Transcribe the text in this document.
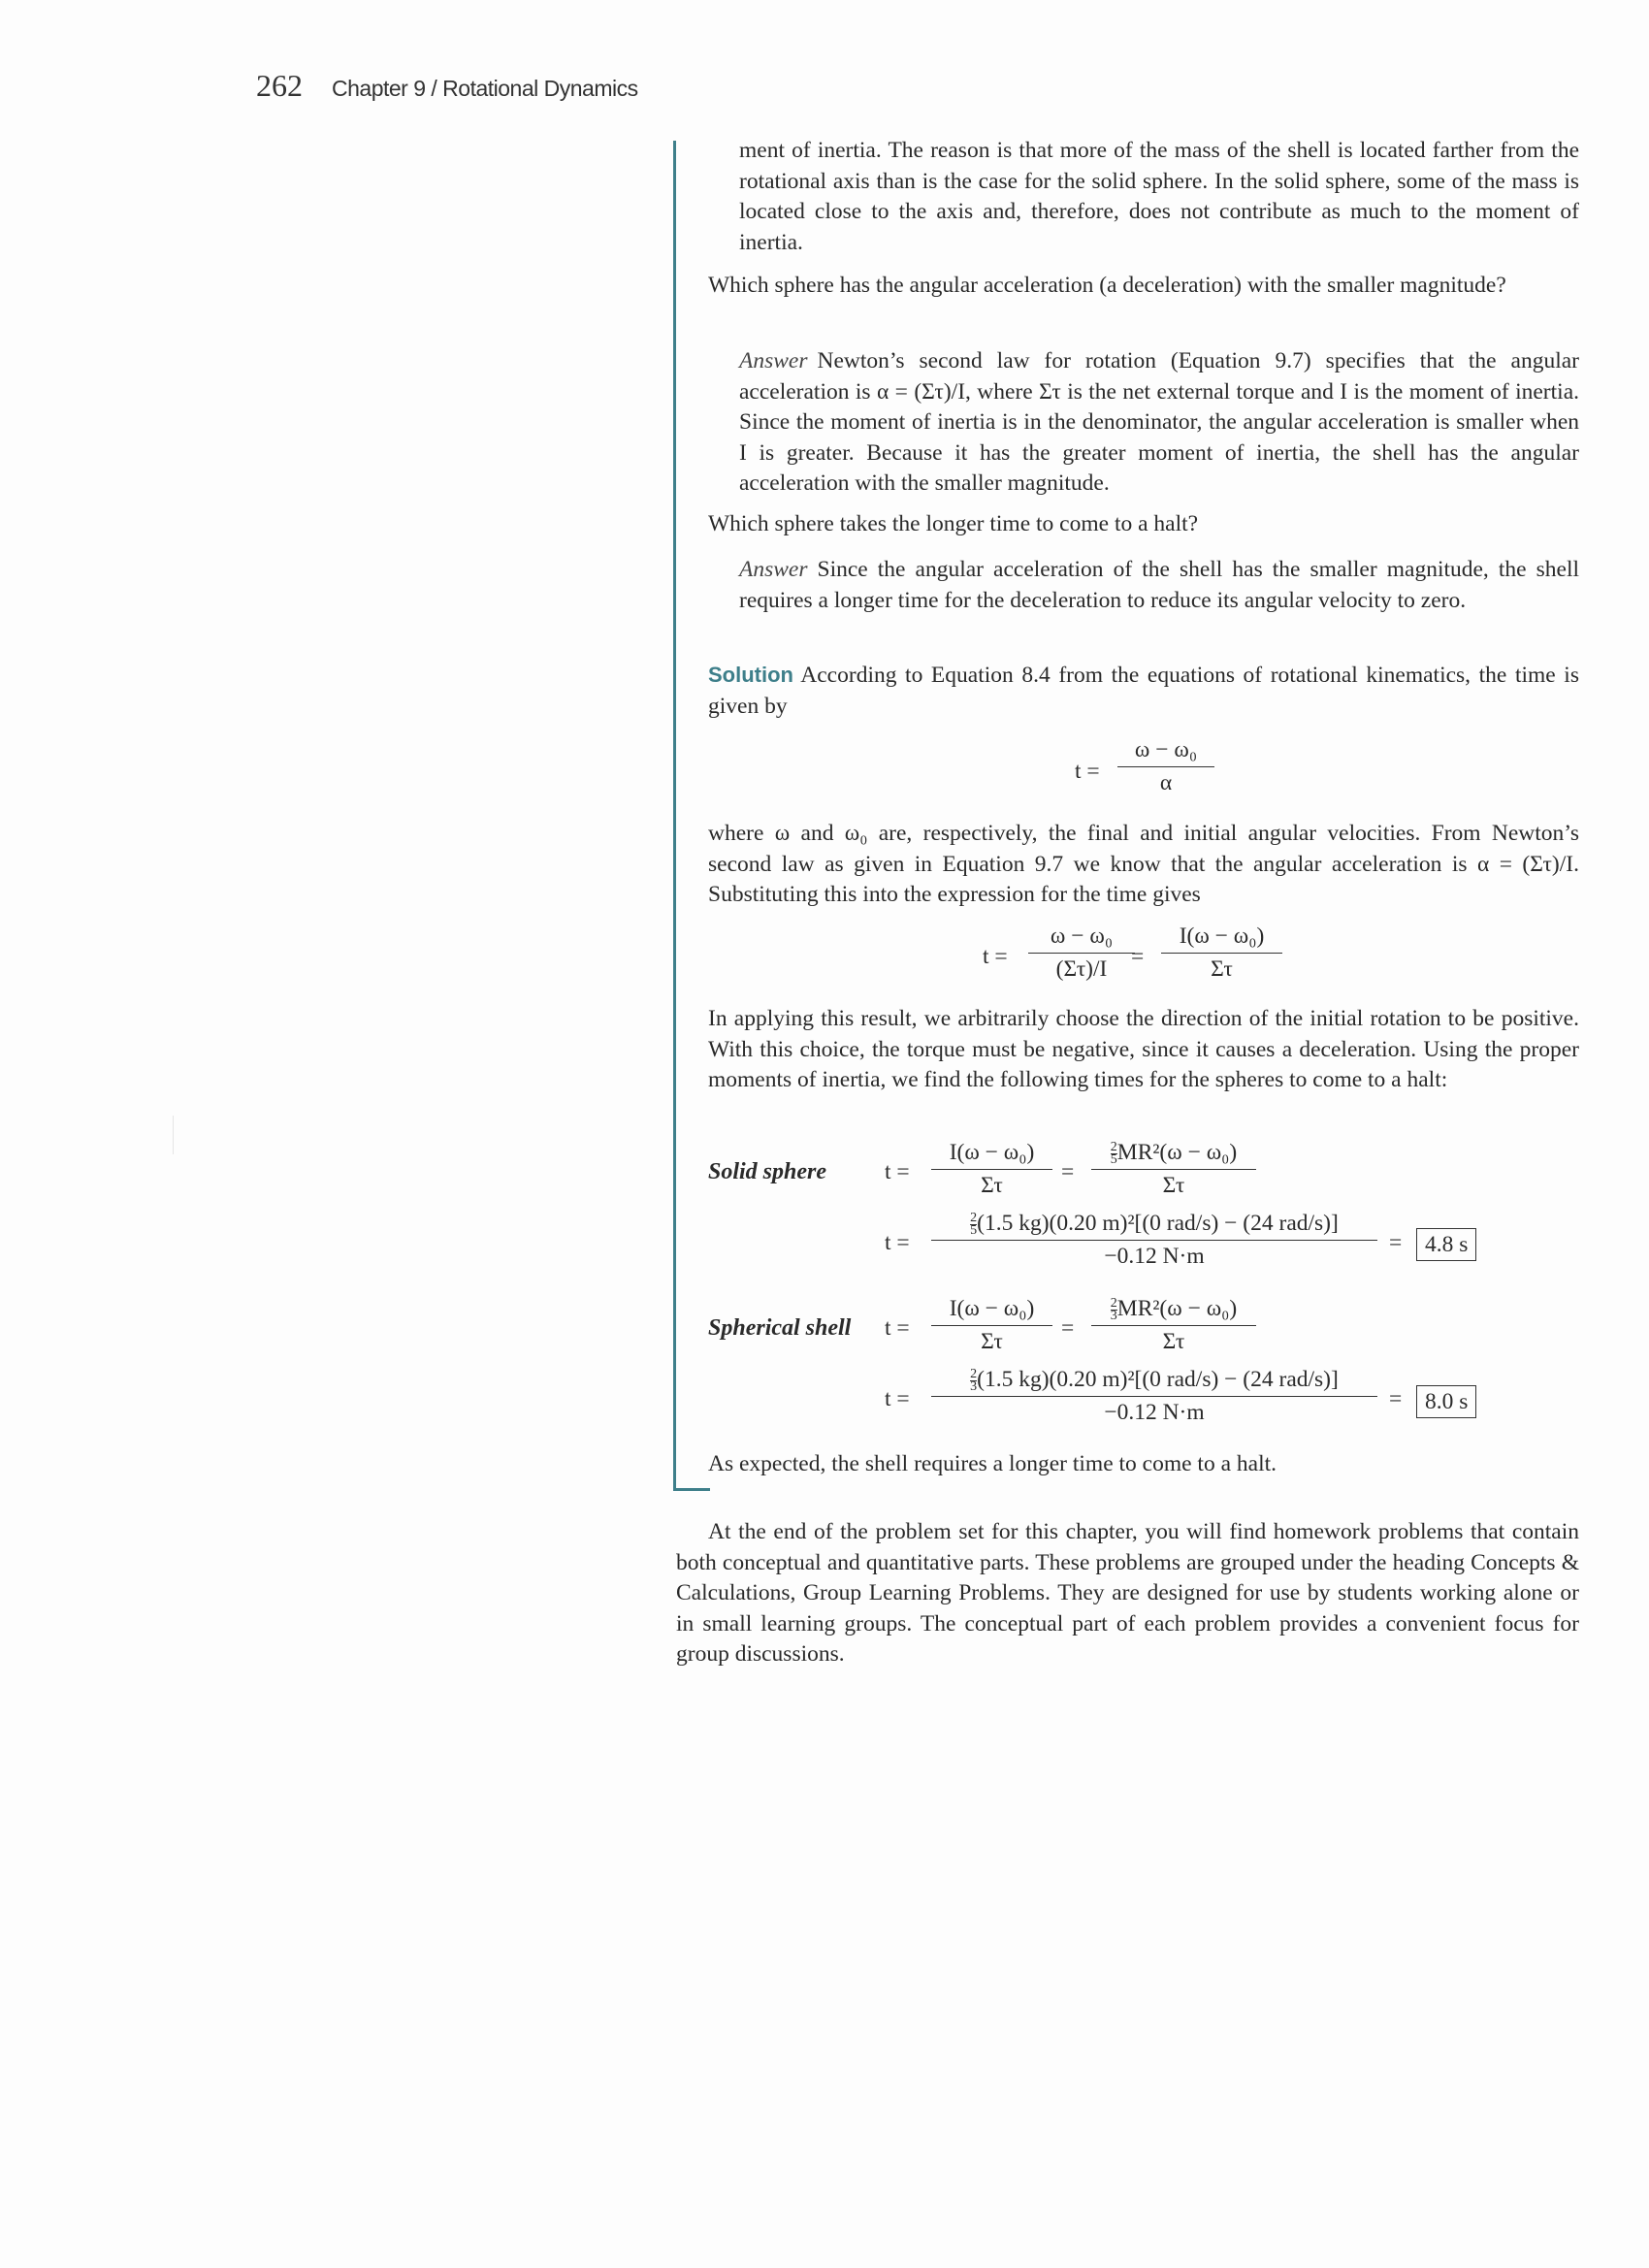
262 Chapter 9 / Rotational Dynamics
ment of inertia. The reason is that more of the mass of the shell is located farther from the rotational axis than is the case for the solid sphere. In the solid sphere, some of the mass is located close to the axis and, therefore, does not contribute as much to the moment of inertia.
Which sphere has the angular acceleration (a deceleration) with the smaller magnitude?
Answer Newton’s second law for rotation (Equation 9.7) specifies that the angular acceleration is α = (Στ)/I, where Στ is the net external torque and I is the moment of inertia. Since the moment of inertia is in the denominator, the angular acceleration is smaller when I is greater. Because it has the greater moment of inertia, the shell has the angular acceleration with the smaller magnitude.
Which sphere takes the longer time to come to a halt?
Answer Since the angular acceleration of the shell has the smaller magnitude, the shell requires a longer time for the deceleration to reduce its angular velocity to zero.
Solution According to Equation 8.4 from the equations of rotational kinematics, the time is given by
$t = \frac{\text{ω − ω₀}}{\alpha}$
where ω and ω₀ are, respectively, the final and initial angular velocities. From Newton’s second law as given in Equation 9.7 we know that the angular acceleration is α = (Στ)/I. Substituting this into the expression for the time gives
$t = \frac{\text{ω − ω₀}}{(\Sigma\tau)/I}$
= $\frac{\text{I(ω − ω₀)}}{\Sigma\tau}$
In applying this result, we arbitrarily choose the direction of the initial rotation to be positive. With this choice, the torque must be negative, since it causes a deceleration. Using the proper moments of inertia, we find the following times for the spheres to come to a halt:
Solid sphere	$t = \frac{\text{I(ω − ω₀)}}{\Sigma\tau} = \frac{\frac{2}{5} MR^2(\omega - \omega_0)}{\Sigma\tau}$
t =
$\frac{2}{5} (1.5$ kg)(0.20 m)²[(0 rad/s) − (24 rad/s)]
−0.12 N·m
=	4.8 s
Spherical shell $t = \frac{\text{I(ω − ω₀)}}{\Sigma\tau} = \frac{\frac{2}{3} MR^2(\omega - \omega_0)}{\Sigma\tau}$
t =
$\frac{2}{3} (1.5$ kg)(0.20 m)²[(0 rad/s) − (24 rad/s)]
−0.12 N·m
=	8.0 s
As expected, the shell requires a longer time to come to a halt.
At the end of the problem set for this chapter, you will find homework problems that contain both conceptual and quantitative parts. These problems are grouped under the heading Concepts & Calculations, Group Learning Problems. They are designed for use by students working alone or in small learning groups. The conceptual part of each problem provides a convenient focus for group discussions.
